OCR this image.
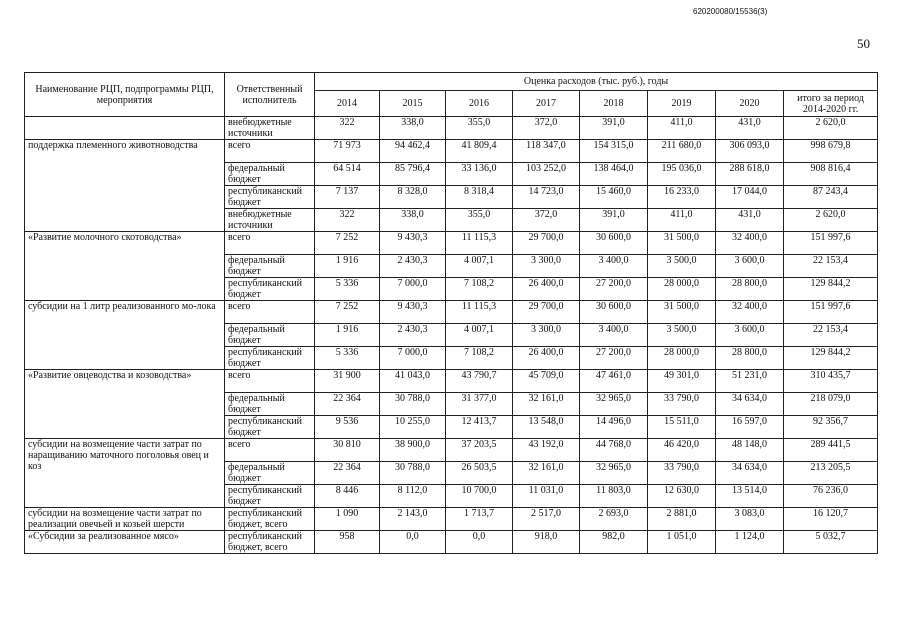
620200080/15536(3)
50
Наименование РЦП, подпрограммы РЦП, мероприятия	Ответственный исполнитель	Оценка расходов (тыс. руб.), годы							
		2014	2015	2016	2017	2018	2019	2020	итого за период 2014-2020 гг.
	внебюджетные источники	322	338,0	355,0	372,0	391,0	411,0	431,0	2 620,0
поддержка племенного животноводства	всего	71 973	94 462,4	41 809,4	118 347,0	154 315,0	211 680,0	306 093,0	998 679,8
	федеральный бюджет	64 514	85 796,4	33 136,0	103 252,0	138 464,0	195 036,0	288 618,0	908 816,4
	республиканский бюджет	7 137	8 328,0	8 318,4	14 723,0	15 460,0	16 233,0	17 044,0	87 243,4
	внебюджетные источники	322	338,0	355,0	372,0	391,0	411,0	431,0	2 620,0
«Развитие молочного скотоводства»	всего	7 252	9 430,3	11 115,3	29 700,0	30 600,0	31 500,0	32 400,0	151 997,6
	федеральный бюджет	1 916	2 430,3	4 007,1	3 300,0	3 400,0	3 500,0	3 600,0	22 153,4
	республиканский бюджет	5 336	7 000,0	7 108,2	26 400,0	27 200,0	28 000,0	28 800,0	129 844,2
субсидии на 1 литр реализованного мо-лока	всего	7 252	9 430,3	11 115,3	29 700,0	30 600,0	31 500,0	32 400,0	151 997,6
	федеральный бюджет	1 916	2 430,3	4 007,1	3 300,0	3 400,0	3 500,0	3 600,0	22 153,4
	республиканский бюджет	5 336	7 000,0	7 108,2	26 400,0	27 200,0	28 000,0	28 800,0	129 844,2
«Развитие овцеводства и козоводства»	всего	31 900	41 043,0	43 790,7	45 709,0	47 461,0	49 301,0	51 231,0	310 435,7
	федеральный бюджет	22 364	30 788,0	31 377,0	32 161,0	32 965,0	33 790,0	34 634,0	218 079,0
	республиканский бюджет	9 536	10 255,0	12 413,7	13 548,0	14 496,0	15 511,0	16 597,0	92 356,7
субсидии на возмещение части затрат по наращиванию маточного поголовья овец и коз	всего	30 810	38 900,0	37 203,5	43 192,0	44 768,0	46 420,0	48 148,0	289 441,5
	федеральный бюджет	22 364	30 788,0	26 503,5	32 161,0	32 965,0	33 790,0	34 634,0	213 205,5
	республиканский бюджет	8 446	8 112,0	10 700,0	11 031,0	11 803,0	12 630,0	13 514,0	76 236,0
субсидии на возмещение части затрат по реализации овечьей и козьей шерсти	республиканский бюджет, всего	1 090	2 143,0	1 713,7	2 517,0	2 693,0	2 881,0	3 083,0	16 120,7
«Субсидии за реализованное мясо»	республиканский бюджет, всего	958	0,0	0,0	918,0	982,0	1 051,0	1 124,0	5 032,7
